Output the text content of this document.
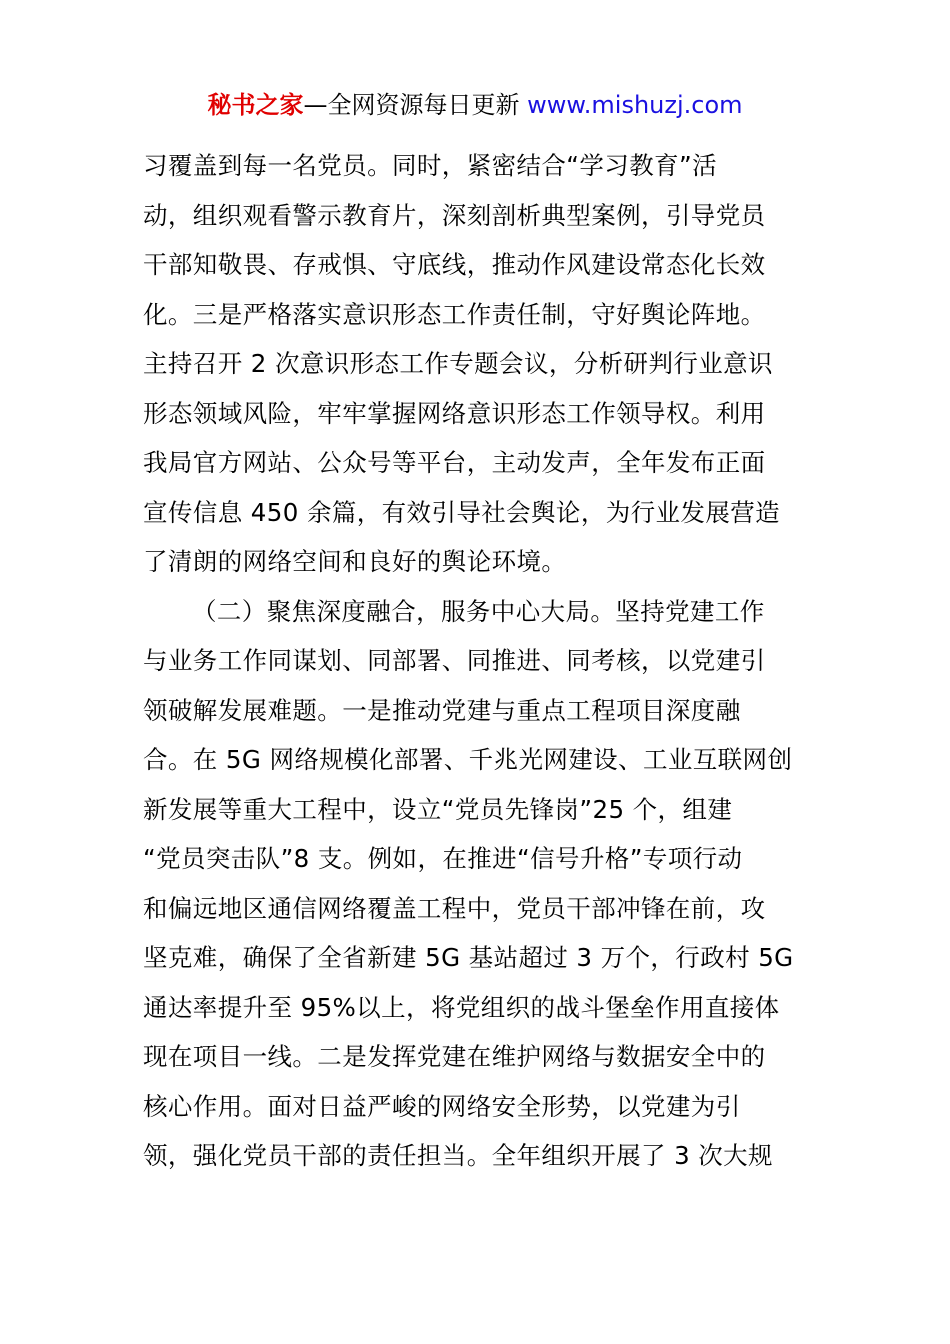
秘书之家—全网资源每日更新 www.mishuzj.com
习覆盖到每一名党员。同时，紧密结合“学习教育”活
动，组织观看警示教育片，深刻剖析典型案例，引导党员
干部知敬畏、存戒惧、守底线，推动作风建设常态化长效
化。三是严格落实意识形态工作责任制，守好舆论阵地。
主持召开 2 次意识形态工作专题会议，分析研判行业意识
形态领域风险，牢牢掌握网络意识形态工作领导权。利用
我局官方网站、公众号等平台，主动发声，全年发布正面
宣传信息 450 余篇，有效引导社会舆论，为行业发展营造
了清朗的网络空间和良好的舆论环境。
（二）聚焦深度融合，服务中心大局。坚持党建工作
与业务工作同谋划、同部署、同推进、同考核，以党建引
领破解发展难题。一是推动党建与重点工程项目深度融
合。在 5G 网络规模化部署、千兆光网建设、工业互联网创
新发展等重大工程中，设立“党员先锋岗”25 个，组建
“党员突击队”8 支。例如，在推进“信号升格”专项行动
和偏远地区通信网络覆盖工程中，党员干部冲锋在前，攻
坚克难，确保了全省新建 5G 基站超过 3 万个，行政村 5G
通达率提升至 95%以上，将党组织的战斗堡垒作用直接体
现在项目一线。二是发挥党建在维护网络与数据安全中的
核心作用。面对日益严峻的网络安全形势，以党建为引
领，强化党员干部的责任担当。全年组织开展了 3 次大规
